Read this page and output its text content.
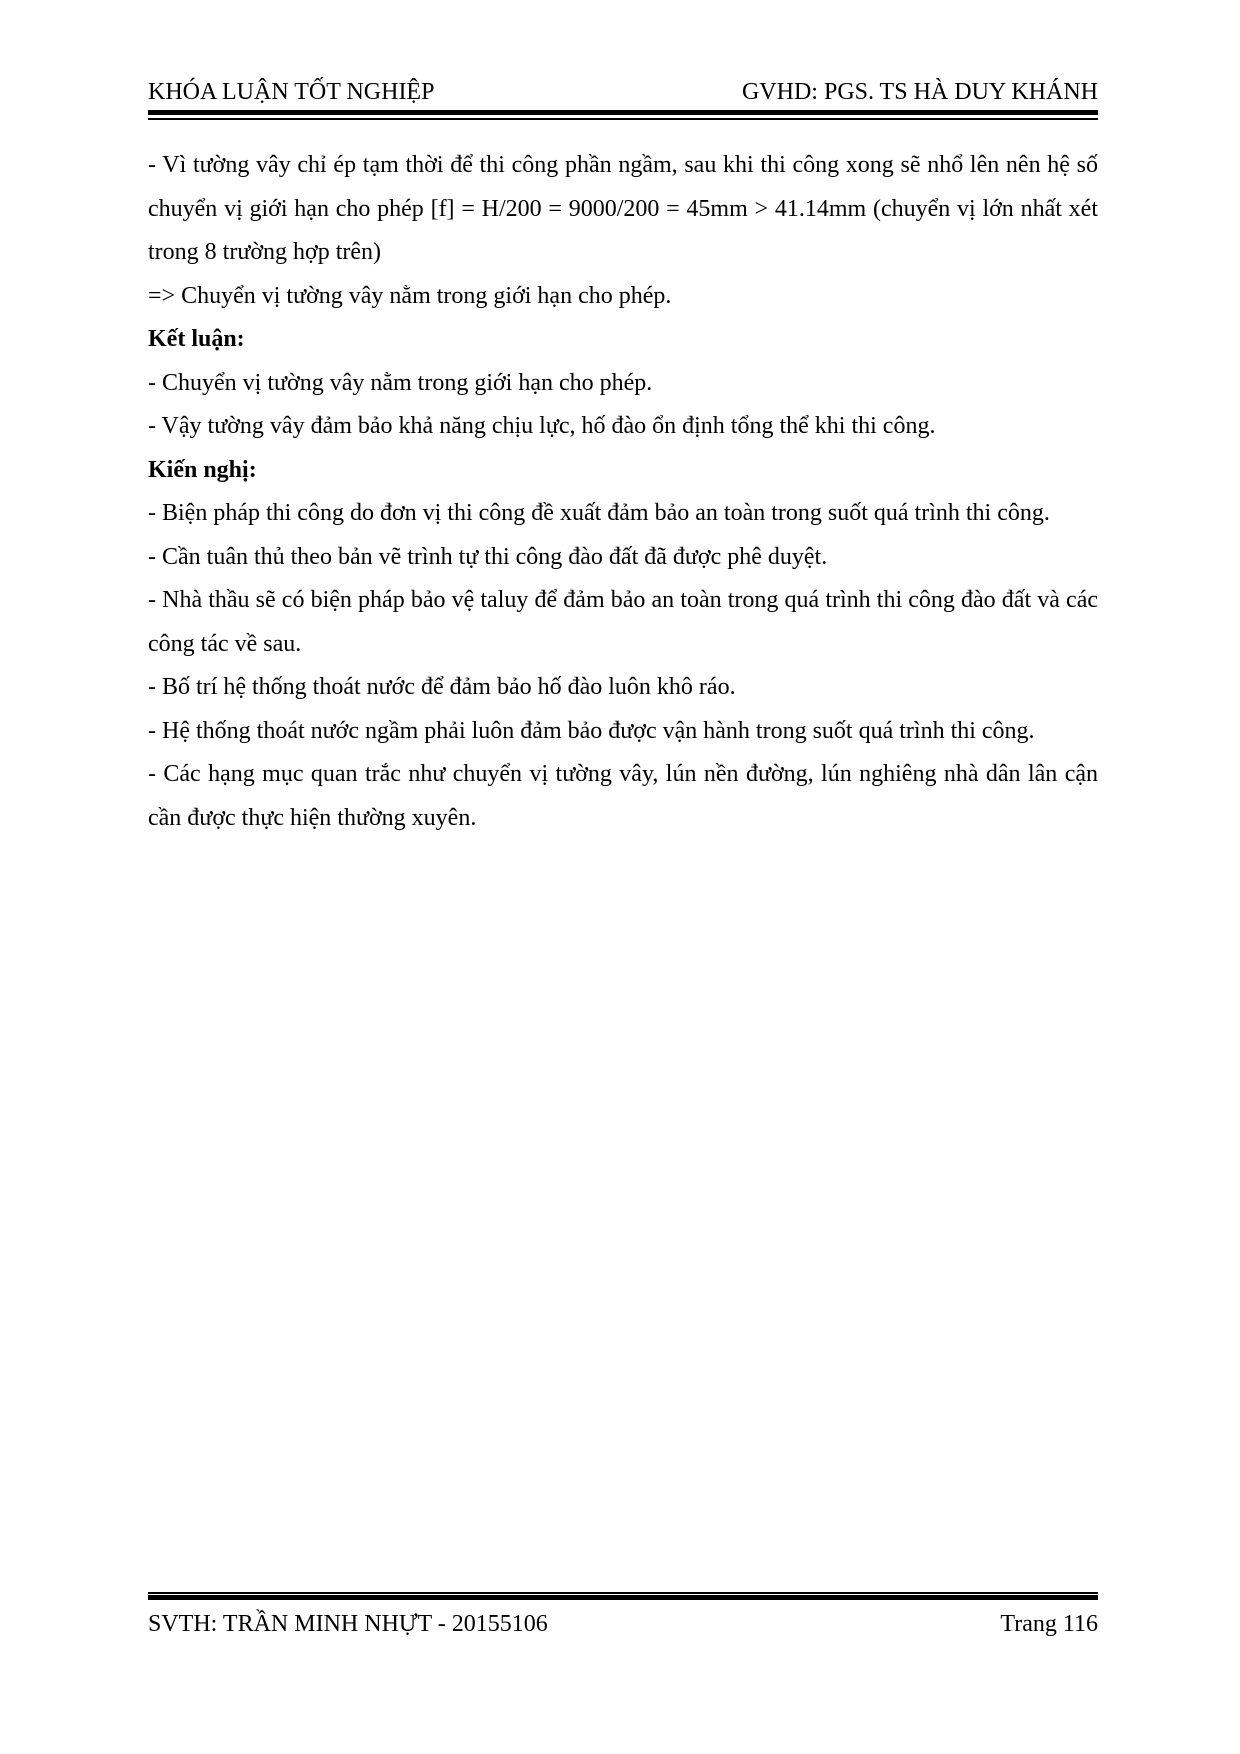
KHÓA LUẬN TỐT NGHIỆP	GVHD: PGS. TS HÀ DUY KHÁNH

- Vì tường vây chỉ ép tạm thời để thi công phần ngầm, sau khi thi công xong sẽ nhổ lên nên hệ số chuyển vị giới hạn cho phép [f] = H/200 = 9000/200 = 45mm > 41.14mm (chuyển vị lớn nhất xét trong 8 trường hợp trên)

=> Chuyển vị tường vây nằm trong giới hạn cho phép.

Kết luận:

- Chuyển vị tường vây nằm trong giới hạn cho phép.

- Vậy tường vây đảm bảo khả năng chịu lực, hố đào ổn định tổng thể khi thi công.

Kiến nghị:

- Biện pháp thi công do đơn vị thi công đề xuất đảm bảo an toàn trong suốt quá trình thi công.

- Cần tuân thủ theo bản vẽ trình tự thi công đào đất đã được phê duyệt.

- Nhà thầu sẽ có biện pháp bảo vệ taluy để đảm bảo an toàn trong quá trình thi công đào đất và các công tác về sau.

- Bố trí hệ thống thoát nước để đảm bảo hố đào luôn khô ráo.

- Hệ thống thoát nước ngầm phải luôn đảm bảo được vận hành trong suốt quá trình thi công.

- Các hạng mục quan trắc như chuyển vị tường vây, lún nền đường, lún nghiêng nhà dân lân cận cần được thực hiện thường xuyên.

SVTH: TRẦN MINH NHỰT - 20155106	Trang 116
